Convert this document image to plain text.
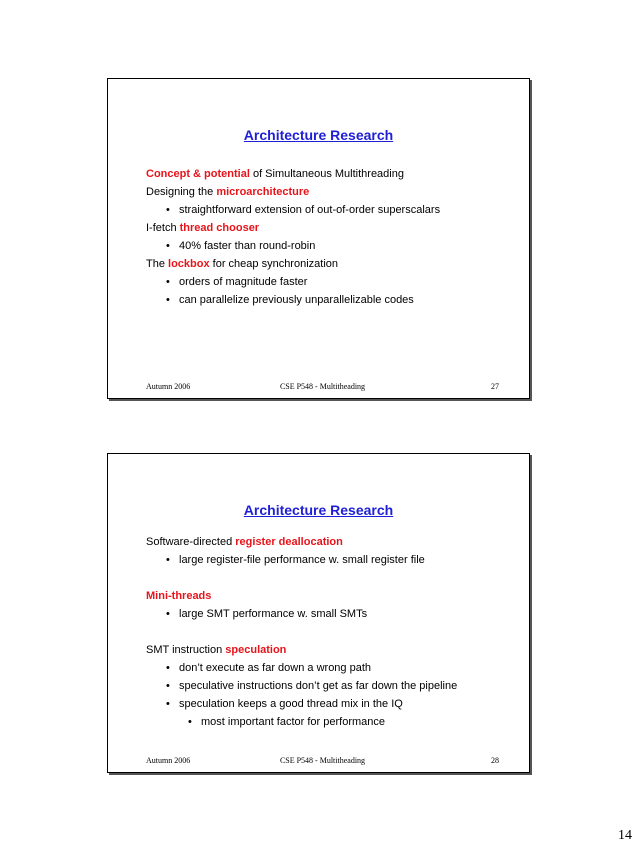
Architecture Research
Concept & potential of Simultaneous Multithreading
Designing the microarchitecture
• straightforward extension of out-of-order superscalars
I-fetch thread chooser
• 40% faster than round-robin
The lockbox for cheap synchronization
• orders of magnitude faster
• can parallelize previously unparallelizable codes
Autumn 2006	CSE P548 - Multitheading	27
Architecture Research
Software-directed register deallocation
• large register-file performance w. small register file
Mini-threads
• large SMT performance w. small SMTs
SMT instruction speculation
• don’t execute as far down a wrong path
• speculative instructions don’t get as far down the pipeline
• speculation keeps a good thread mix in the IQ
• most important factor for performance
Autumn 2006	CSE P548 - Multitheading	28
14
